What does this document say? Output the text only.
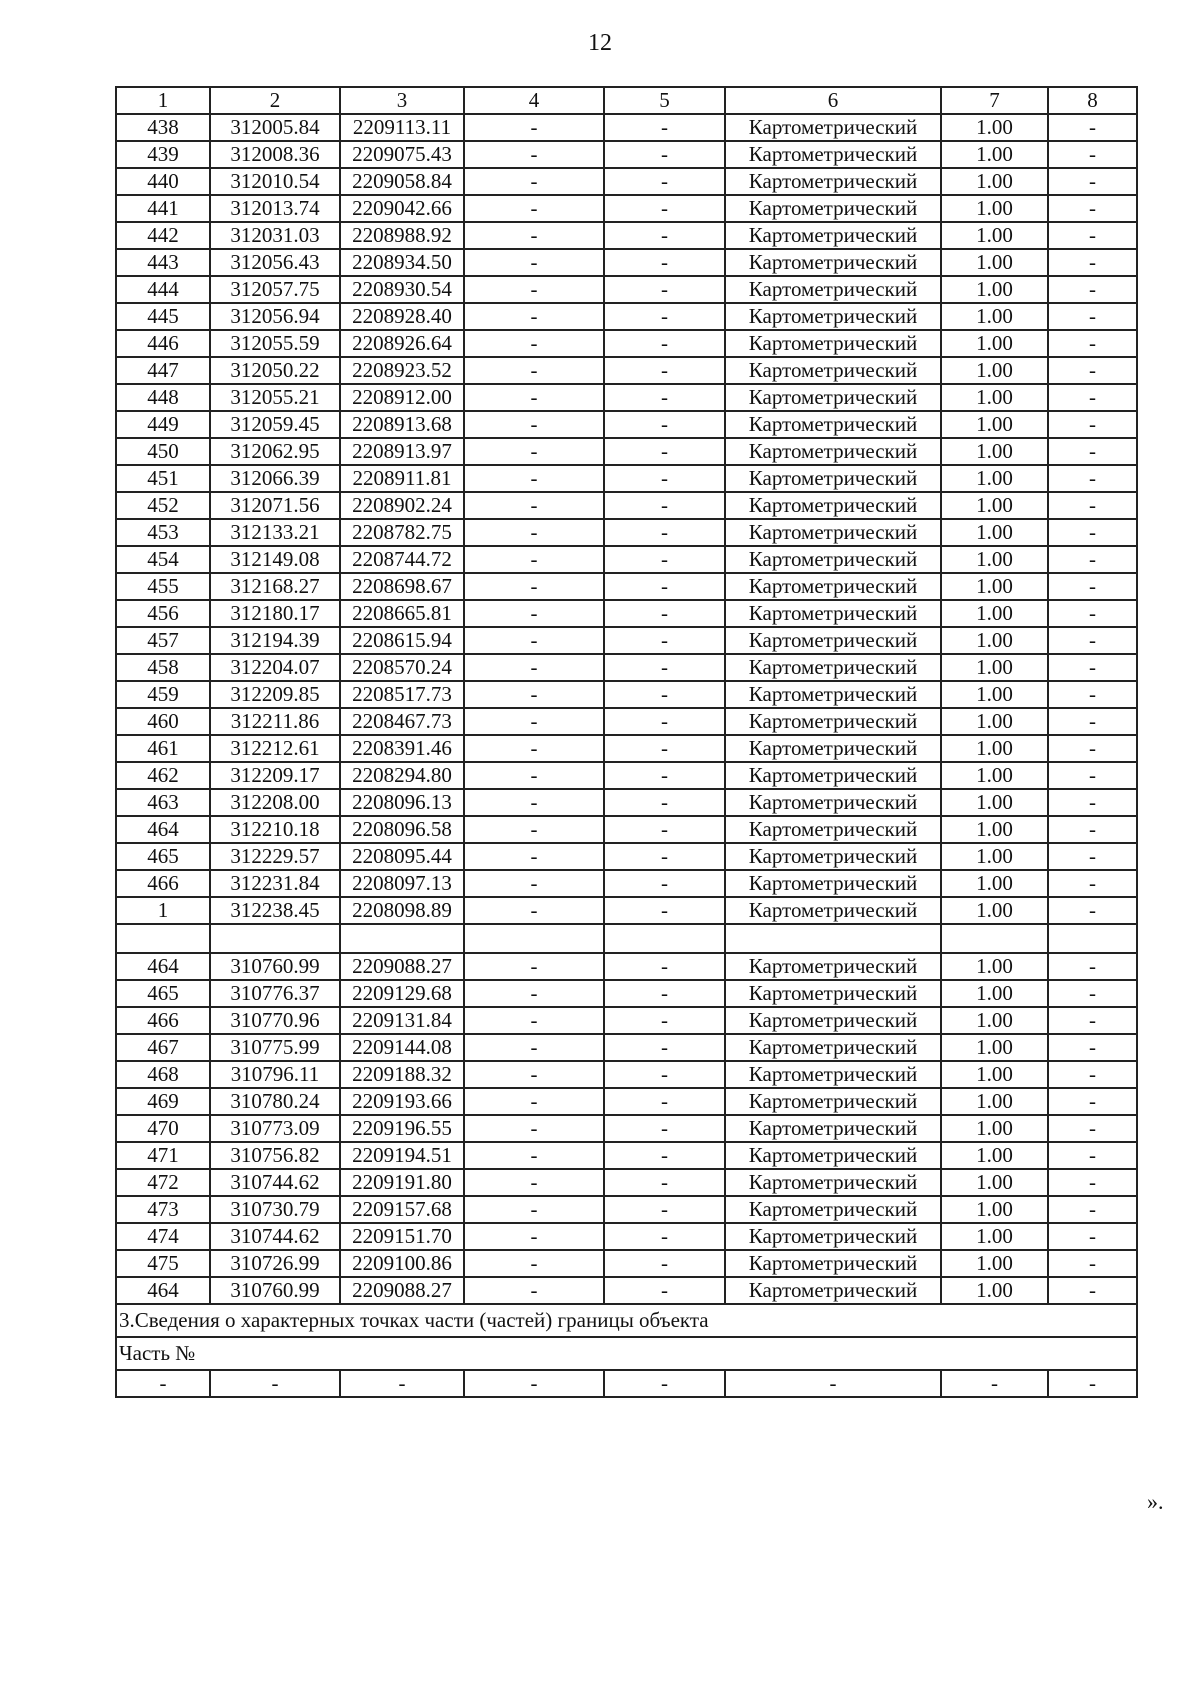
12
1	2	3	4	5	6	7	8
438	312005.84	2209113.11	-	-	Картометрический	1.00	-
439	312008.36	2209075.43	-	-	Картометрический	1.00	-
440	312010.54	2209058.84	-	-	Картометрический	1.00	-
441	312013.74	2209042.66	-	-	Картометрический	1.00	-
442	312031.03	2208988.92	-	-	Картометрический	1.00	-
443	312056.43	2208934.50	-	-	Картометрический	1.00	-
444	312057.75	2208930.54	-	-	Картометрический	1.00	-
445	312056.94	2208928.40	-	-	Картометрический	1.00	-
446	312055.59	2208926.64	-	-	Картометрический	1.00	-
447	312050.22	2208923.52	-	-	Картометрический	1.00	-
448	312055.21	2208912.00	-	-	Картометрический	1.00	-
449	312059.45	2208913.68	-	-	Картометрический	1.00	-
450	312062.95	2208913.97	-	-	Картометрический	1.00	-
451	312066.39	2208911.81	-	-	Картометрический	1.00	-
452	312071.56	2208902.24	-	-	Картометрический	1.00	-
453	312133.21	2208782.75	-	-	Картометрический	1.00	-
454	312149.08	2208744.72	-	-	Картометрический	1.00	-
455	312168.27	2208698.67	-	-	Картометрический	1.00	-
456	312180.17	2208665.81	-	-	Картометрический	1.00	-
457	312194.39	2208615.94	-	-	Картометрический	1.00	-
458	312204.07	2208570.24	-	-	Картометрический	1.00	-
459	312209.85	2208517.73	-	-	Картометрический	1.00	-
460	312211.86	2208467.73	-	-	Картометрический	1.00	-
461	312212.61	2208391.46	-	-	Картометрический	1.00	-
462	312209.17	2208294.80	-	-	Картометрический	1.00	-
463	312208.00	2208096.13	-	-	Картометрический	1.00	-
464	312210.18	2208096.58	-	-	Картометрический	1.00	-
465	312229.57	2208095.44	-	-	Картометрический	1.00	-
466	312231.84	2208097.13	-	-	Картометрический	1.00	-
1	312238.45	2208098.89	-	-	Картометрический	1.00	-

464	310760.99	2209088.27	-	-	Картометрический	1.00	-
465	310776.37	2209129.68	-	-	Картометрический	1.00	-
466	310770.96	2209131.84	-	-	Картометрический	1.00	-
467	310775.99	2209144.08	-	-	Картометрический	1.00	-
468	310796.11	2209188.32	-	-	Картометрический	1.00	-
469	310780.24	2209193.66	-	-	Картометрический	1.00	-
470	310773.09	2209196.55	-	-	Картометрический	1.00	-
471	310756.82	2209194.51	-	-	Картометрический	1.00	-
472	310744.62	2209191.80	-	-	Картометрический	1.00	-
473	310730.79	2209157.68	-	-	Картометрический	1.00	-
474	310744.62	2209151.70	-	-	Картометрический	1.00	-
475	310726.99	2209100.86	-	-	Картометрический	1.00	-
464	310760.99	2209088.27	-	-	Картометрический	1.00	-
3.Сведения о характерных точках части (частей) границы объекта							
Часть №							
-	-	-	-	-	-	-	-
».
